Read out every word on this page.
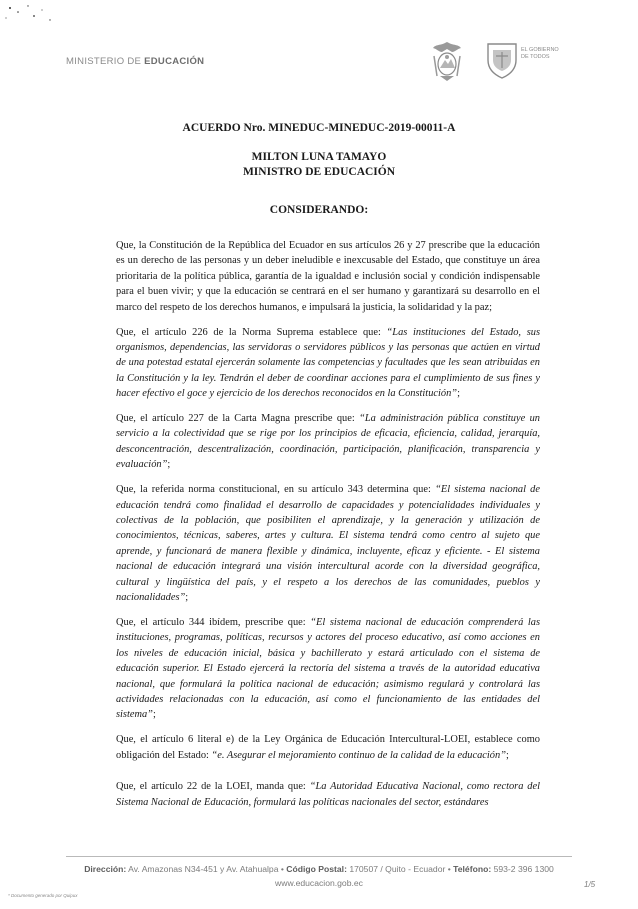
MINISTERIO DE EDUCACIÓN
EL GOBIERNO DE TODOS
ACUERDO Nro. MINEDUC-MINEDUC-2019-00011-A
MILTON LUNA TAMAYO
MINISTRO DE EDUCACIÓN
CONSIDERANDO:

Que, la Constitución de la República del Ecuador en sus artículos 26 y 27 prescribe que la educación es un derecho de las personas y un deber ineludible e inexcusable del Estado, que constituye un área prioritaria de la política pública, garantía de la igualdad e inclusión social y condición indispensable para el buen vivir; y que la educación se centrará en el ser humano y garantizará su desarrollo en el marco del respeto de los derechos humanos, e impulsará la justicia, la solidaridad y la paz;

Que, el artículo 226 de la Norma Suprema establece que: “Las instituciones del Estado, sus organismos, dependencias, las servidoras o servidores públicos y las personas que actúen en virtud de una potestad estatal ejercerán solamente las competencias y facultades que les sean atribuidas en la Constitución y la ley. Tendrán el deber de coordinar acciones para el cumplimiento de sus fines y hacer efectivo el goce y ejercicio de los derechos reconocidos en la Constitución”;

Que, el artículo 227 de la Carta Magna prescribe que: “La administración pública constituye un servicio a la colectividad que se rige por los principios de eficacia, eficiencia, calidad, jerarquía, desconcentración, descentralización, coordinación, participación, planificación, transparencia y evaluación”;

Que, la referida norma constitucional, en su artículo 343 determina que: “El sistema nacional de educación tendrá como finalidad el desarrollo de capacidades y potencialidades individuales y colectivas de la población, que posibiliten el aprendizaje, y la generación y utilización de conocimientos, técnicas, saberes, artes y cultura. El sistema tendrá como centro al sujeto que aprende, y funcionará de manera flexible y dinámica, incluyente, eficaz y eficiente. - El sistema nacional de educación integrará una visión intercultural acorde con la diversidad geográfica, cultural y lingüística del país, y el respeto a los derechos de las comunidades, pueblos y nacionalidades”;

Que, el artículo 344 ibídem, prescribe que: “El sistema nacional de educación comprenderá las instituciones, programas, políticas, recursos y actores del proceso educativo, así como acciones en los niveles de educación inicial, básica y bachillerato y estará articulado con el sistema de educación superior. El Estado ejercerá la rectoría del sistema a través de la autoridad educativa nacional, que formulará la política nacional de educación; asimismo regulará y controlará las actividades relacionadas con la educación, así como el funcionamiento de las entidades del sistema”;

Que, el artículo 6 literal e) de la Ley Orgánica de Educación Intercultural-LOEI, establece como obligación del Estado: “e. Asegurar el mejoramiento continuo de la calidad de la educación”;

Que, el artículo 22 de la LOEI, manda que: “La Autoridad Educativa Nacional, como rectora del Sistema Nacional de Educación, formulará las políticas nacionales del sector, estándares

Dirección: Av. Amazonas N34-451 y Av. Atahualpa • Código Postal: 170507 / Quito - Ecuador • Teléfono: 593-2 396 1300
www.educacion.gob.ec	1/5
* Documento generado por Quipux
